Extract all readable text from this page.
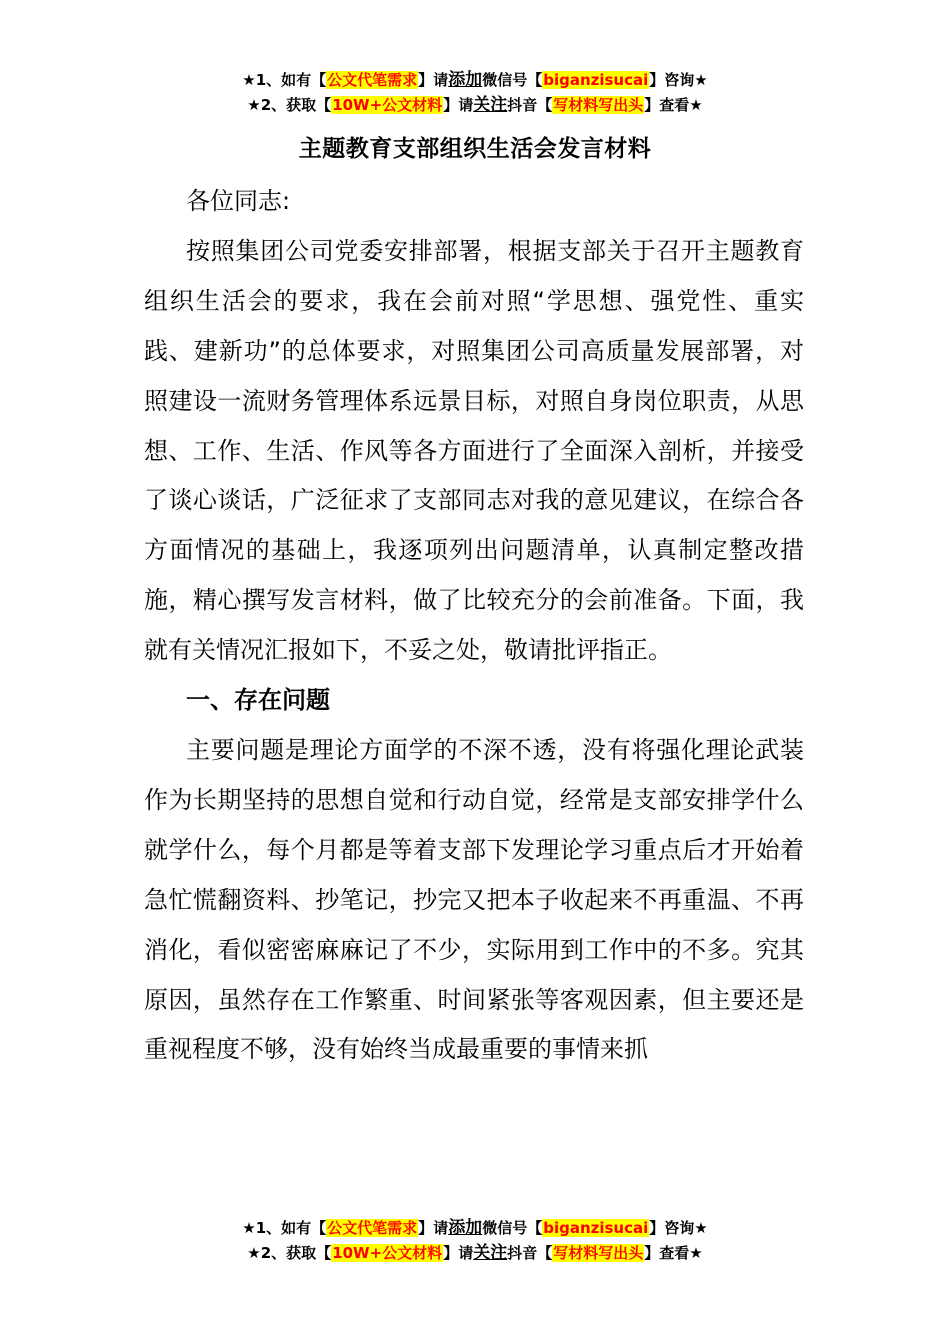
★1、如有【公文代笔需求】请添加微信号【biganzisucai】咨询★
★2、获取【10W+公文材料】请关注抖音【写材料写出头】查看★
主题教育支部组织生活会发言材料

各位同志:

按照集团公司党委安排部署，根据支部关于召开主题教育组织生活会的要求，我在会前对照“学思想、强党性、重实践、建新功”的总体要求，对照集团公司高质量发展部署，对照建设一流财务管理体系远景目标，对照自身岗位职责，从思想、工作、生活、作风等各方面进行了全面深入剖析，并接受了谈心谈话，广泛征求了支部同志对我的意见建议，在综合各方面情况的基础上，我逐项列出问题清单，认真制定整改措施，精心撰写发言材料，做了比较充分的会前准备。下面，我就有关情况汇报如下，不妥之处，敬请批评指正。

一、存在问题

主要问题是理论方面学的不深不透，没有将强化理论武装作为长期坚持的思想自觉和行动自觉，经常是支部安排学什么就学什么，每个月都是等着支部下发理论学习重点后才开始着急忙慌翻资料、抄笔记，抄完又把本子收起来不再重温、不再消化，看似密密麻麻记了不少，实际用到工作中的不多。究其原因，虽然存在工作繁重、时间紧张等客观因素，但主要还是重视程度不够，没有始终当成最重要的事情来抓

★1、如有【公文代笔需求】请添加微信号【biganzisucai】咨询★
★2、获取【10W+公文材料】请关注抖音【写材料写出头】查看★
